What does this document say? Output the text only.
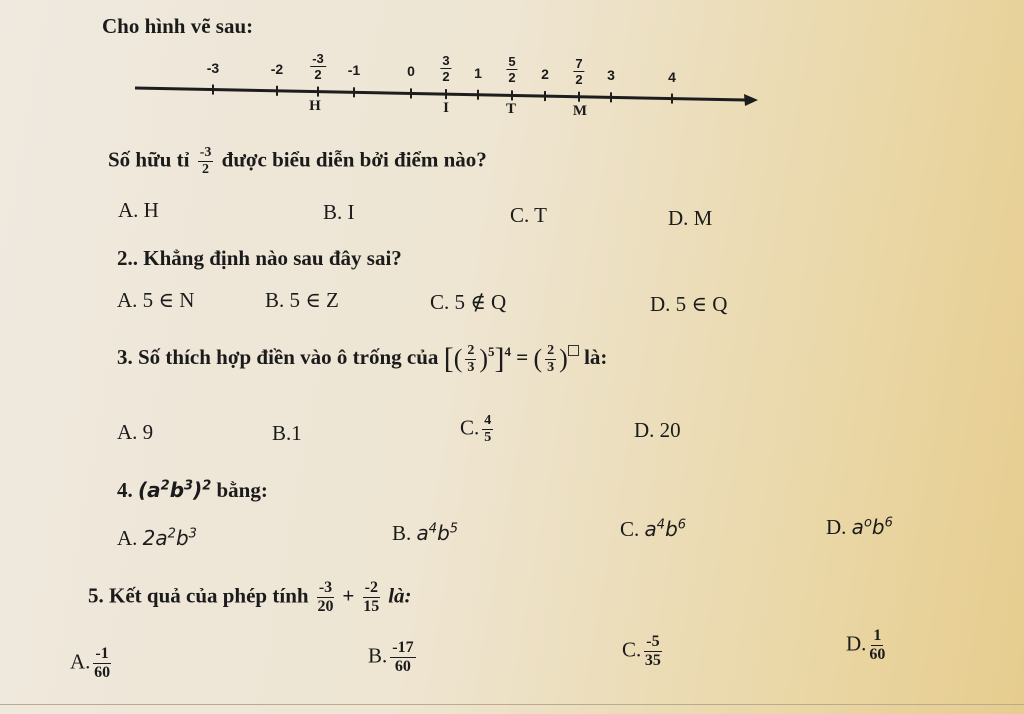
Cho hình vẽ sau:
-3	$-2 \frac{-3}{2} -1$	$0 \frac{3}{2} 1 \frac{5}{2} 2 \frac{7}{2} 3$	4
H	I	T	M
Số hữu tỉ $\frac{-3}{2}$ được biểu diễn bởi điểm nào?
A. H	B. I	C. T	D. M
2.. Khẳng định nào sau đây sai?
A. 5 ∈ N	B. 5 ∈ Z	C. 5 ∉ Q	D. 5 ∈ Q
3. Số thích hợp điền vào ô trống của [( $\frac{2}{3} )^5]^4$ = ( $\frac{2}{3}$ ) là:
A. 9	B.1	C. $\frac{4}{5}$	D. 20
4. $(a^2b^3)^2$ bằng:
A. $2a^2b^3$	B. $a^4b^5$	C. $a^4b^6$	D. $a^ob^6$
5. Kết quả của phép tính $\frac{-3}{20} + \frac{-2}{15}$ là:
A. $\frac{-1}{60}$	B. $\frac{-17}{60}$	C. $\frac{-5}{35}$	D. $\frac{1}{60}$
